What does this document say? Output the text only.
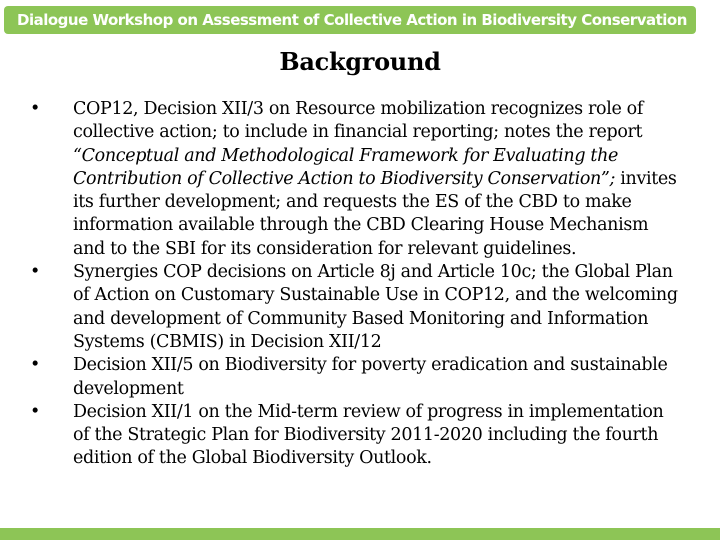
Dialogue Workshop on Assessment of Collective Action in Biodiversity Conservation
Background
•	COP12, Decision XII/3 on Resource mobilization recognizes role of collective action; to include in financial reporting; notes the report “Conceptual and Methodological Framework for Evaluating the Contribution of Collective Action to Biodiversity Conservation”; invites its further development; and requests the ES of the CBD to make information available through the CBD Clearing House Mechanism and to the SBI for its consideration for relevant guidelines.
•	Synergies COP decisions on Article 8j and Article 10c; the Global Plan of Action on Customary Sustainable Use in COP12, and the welcoming and development of Community Based Monitoring and Information Systems (CBMIS) in Decision XII/12
•	Decision XII/5 on Biodiversity for poverty eradication and sustainable development
•	Decision XII/1 on the Mid-term review of progress in implementation of the Strategic Plan for Biodiversity 2011-2020 including the fourth edition of the Global Biodiversity Outlook.
